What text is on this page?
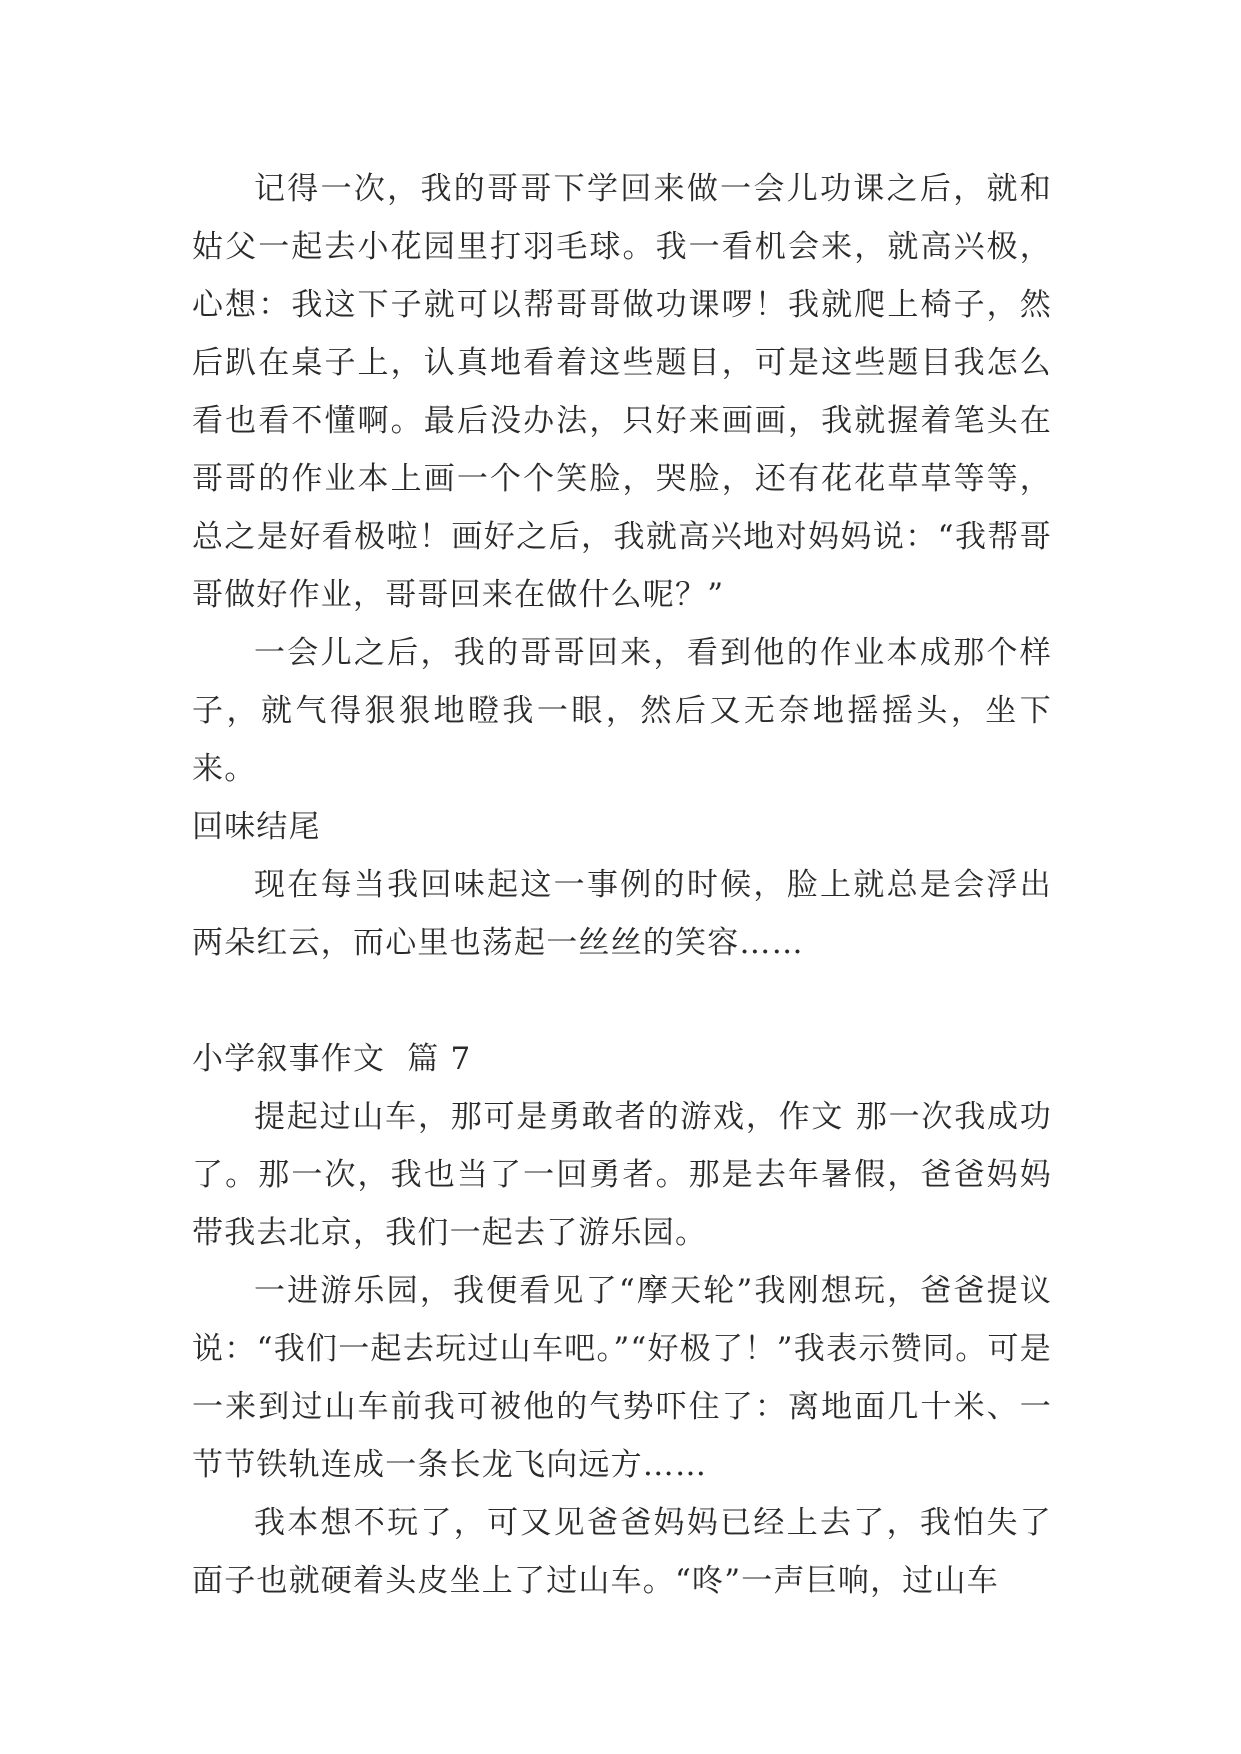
记得一次，我的哥哥下学回来做一会儿功课之后，就和姑父一起去小花园里打羽毛球。我一看机会来，就高兴极，心想：我这下子就可以帮哥哥做功课啰！我就爬上椅子，然后趴在桌子上，认真地看着这些题目，可是这些题目我怎么看也看不懂啊。最后没办法，只好来画画，我就握着笔头在哥哥的作业本上画一个个笑脸，哭脸，还有花花草草等等，总之是好看极啦！画好之后，我就高兴地对妈妈说：“我帮哥哥做好作业，哥哥回来在做什么呢？”

一会儿之后，我的哥哥回来，看到他的作业本成那个样子，就气得狠狠地瞪我一眼，然后又无奈地摇摇头，坐下来。

回味结尾

现在每当我回味起这一事例的时候，脸上就总是会浮出两朵红云，而心里也荡起一丝丝的笑容……

小学叙事作文  篇 7

提起过山车，那可是勇敢者的游戏，作文 那一次我成功了。那一次，我也当了一回勇者。那是去年暑假，爸爸妈妈带我去北京，我们一起去了游乐园。

一进游乐园，我便看见了“摩天轮”我刚想玩，爸爸提议说：“我们一起去玩过山车吧。”“好极了！”我表示赞同。可是一来到过山车前我可被他的气势吓住了：离地面几十米、一节节铁轨连成一条长龙飞向远方……

我本想不玩了，可又见爸爸妈妈已经上去了，我怕失了面子也就硬着头皮坐上了过山车。“咚”一声巨响，过山车
